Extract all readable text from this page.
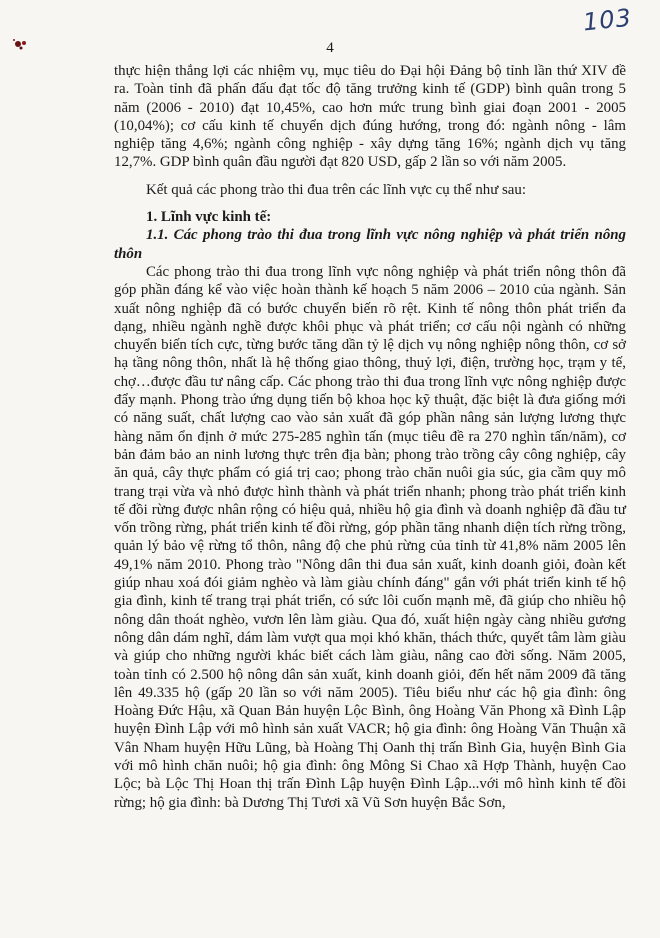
103
4

thực hiện thắng lợi các nhiệm vụ, mục tiêu do Đại hội Đảng bộ tỉnh lần thứ XIV đề ra. Toàn tỉnh đã phấn đấu đạt tốc độ tăng trưởng kinh tế (GDP) bình quân trong 5 năm (2006 - 2010) đạt 10,45%, cao hơn mức trung bình giai đoạn 2001 - 2005 (10,04%); cơ cấu kinh tế chuyển dịch đúng hướng, trong đó: ngành nông - lâm nghiệp tăng 4,6%; ngành công nghiệp - xây dựng tăng 16%; ngành dịch vụ tăng 12,7%. GDP bình quân đầu người đạt 820 USD, gấp 2 lần so với năm 2005.

Kết quả các phong trào thi đua trên các lĩnh vực cụ thể như sau:

1. Lĩnh vực kinh tế:

1.1. Các phong trào thi đua trong lĩnh vực nông nghiệp và phát triển nông thôn

Các phong trào thi đua trong lĩnh vực nông nghiệp và phát triển nông thôn đã góp phần đáng kể vào việc hoàn thành kế hoạch 5 năm 2006 – 2010 của ngành. Sản xuất nông nghiệp đã có bước chuyển biến rõ rệt. Kinh tế nông thôn phát triển đa dạng, nhiều ngành nghề được khôi phục và phát triển; cơ cấu nội ngành có những chuyển biến tích cực, từng bước tăng dần tỷ lệ dịch vụ nông nghiệp nông thôn, cơ sở hạ tầng nông thôn, nhất là hệ thống giao thông, thuỷ lợi, điện, trường học, trạm y tế, chợ…được đầu tư nâng cấp. Các phong trào thi đua trong lĩnh vực nông nghiệp được đẩy mạnh. Phong trào ứng dụng tiến bộ khoa học kỹ thuật, đặc biệt là đưa giống mới có năng suất, chất lượng cao vào sản xuất đã góp phần nâng sản lượng lương thực hàng năm ổn định ở mức 275-285 nghìn tấn (mục tiêu đề ra 270 nghìn tấn/năm), cơ bản đảm bảo an ninh lương thực trên địa bàn; phong trào trồng cây công nghiệp, cây ăn quả, cây thực phẩm có giá trị cao; phong trào chăn nuôi gia súc, gia cầm quy mô trang trại vừa và nhỏ được hình thành và phát triển nhanh; phong trào phát triển kinh tế đồi rừng được nhân rộng có hiệu quả, nhiều hộ gia đình và doanh nghiệp đã đầu tư vốn trồng rừng, phát triển kinh tế đồi rừng, góp phần tăng nhanh diện tích rừng trồng, quản lý bảo vệ rừng tổ thôn, nâng độ che phủ rừng của tỉnh từ 41,8% năm 2005 lên 49,1% năm 2010. Phong trào "Nông dân thi đua sản xuất, kinh doanh giỏi, đoàn kết giúp nhau xoá đói giảm nghèo và làm giàu chính đáng" gắn với phát triển kinh tế hộ gia đình, kinh tế trang trại phát triển, có sức lôi cuốn mạnh mẽ, đã giúp cho nhiều hộ nông dân thoát nghèo, vươn lên làm giàu. Qua đó, xuất hiện ngày càng nhiều gương nông dân dám nghĩ, dám làm vượt qua mọi khó khăn, thách thức, quyết tâm làm giàu và giúp cho những người khác biết cách làm giàu, nâng cao đời sống. Năm 2005, toàn tỉnh có 2.500 hộ nông dân sản xuất, kinh doanh giỏi, đến hết năm 2009 đã tăng lên 49.335 hộ (gấp 20 lần so với năm 2005). Tiêu biểu như các hộ gia đình: ông Hoàng Đức Hậu, xã Quan Bản huyện Lộc Bình, ông Hoàng Văn Phong xã Đình Lập huyện Đình Lập với mô hình sản xuất VACR; hộ gia đình: ông Hoàng Văn Thuận xã Vân Nham huyện Hữu Lũng, bà Hoàng Thị Oanh thị trấn Bình Gia, huyện Bình Gia với mô hình chăn nuôi; hộ gia đình: ông Mông Si Chao xã Hợp Thành, huyện Cao Lộc; bà Lộc Thị Hoan thị trấn Đình Lập huyện Đình Lập...với mô hình kinh tế đồi rừng; hộ gia đình: bà Dương Thị Tươi xã Vũ Sơn huyện Bắc Sơn,
